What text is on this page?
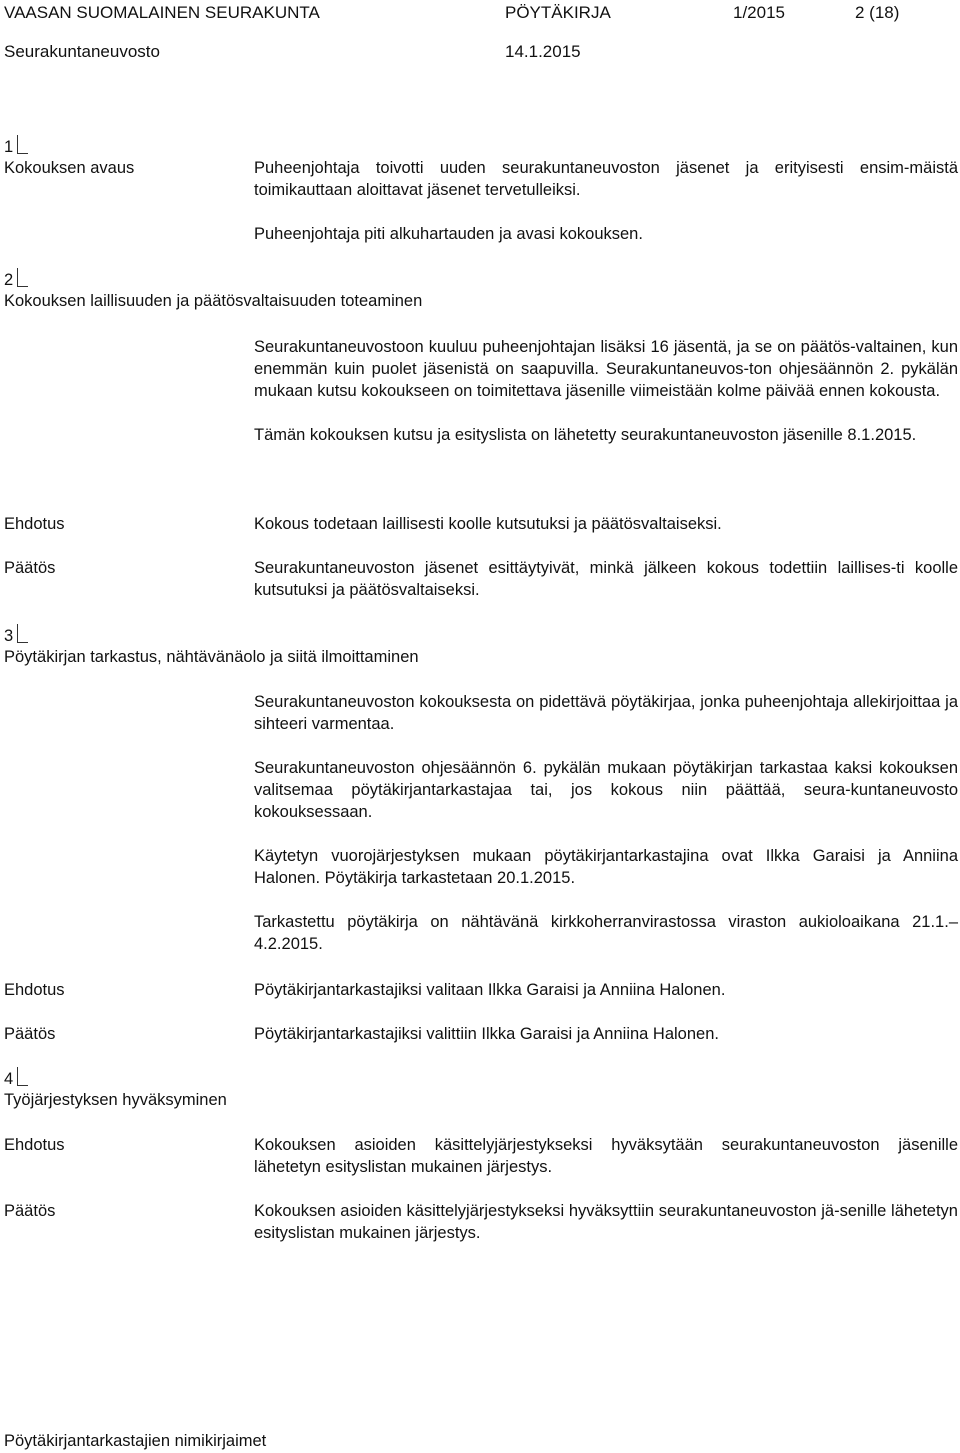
VAASAN SUOMALAINEN SEURAKUNTA	PÖYTÄKIRJA	1/2015	2 (18)
Seurakuntaneuvosto	14.1.2015
1
Kokouksen avaus	Puheenjohtaja toivotti uuden seurakuntaneuvoston jäsenet ja erityisesti ensim-mäistä toimikauttaan aloittavat jäsenet tervetulleiksi.

Puheenjohtaja piti alkuhartauden ja avasi kokouksen.

2
Kokouksen laillisuuden ja päätösvaltaisuuden toteaminen

Seurakuntaneuvostoon kuuluu puheenjohtajan lisäksi 16 jäsentä, ja se on päätös-valtainen, kun enemmän kuin puolet jäsenistä on saapuvilla. Seurakuntaneuvos-ton ohjesäännön 2. pykälän mukaan kutsu kokoukseen on toimitettava jäsenille viimeistään kolme päivää ennen kokousta.

Tämän kokouksen kutsu ja esityslista on lähetetty seurakuntaneuvoston jäsenille 8.1.2015.

Ehdotus	Kokous todetaan laillisesti koolle kutsutuksi ja päätösvaltaiseksi.
Päätös	Seurakuntaneuvoston jäsenet esittäytyivät, minkä jälkeen kokous todettiin laillises-ti koolle kutsutuksi ja päätösvaltaiseksi.
3
Pöytäkirjan tarkastus, nähtävänäolo ja siitä ilmoittaminen

Seurakuntaneuvoston kokouksesta on pidettävä pöytäkirjaa, jonka puheenjohtaja allekirjoittaa ja sihteeri varmentaa.

Seurakuntaneuvoston ohjesäännön 6. pykälän mukaan pöytäkirjan tarkastaa kaksi kokouksen valitsemaa pöytäkirjantarkastajaa tai, jos kokous niin päättää, seura-kuntaneuvosto kokouksessaan.

Käytetyn vuorojärjestyksen mukaan pöytäkirjantarkastajina ovat Ilkka Garaisi ja Anniina Halonen. Pöytäkirja tarkastetaan 20.1.2015.

Tarkastettu pöytäkirja on nähtävänä kirkkoherranvirastossa viraston aukioloaikana 21.1.–4.2.2015.

Ehdotus	Pöytäkirjantarkastajiksi valitaan Ilkka Garaisi ja Anniina Halonen.
Päätös	Pöytäkirjantarkastajiksi valittiin Ilkka Garaisi ja Anniina Halonen.
4
Työjärjestyksen hyväksyminen
Ehdotus	Kokouksen asioiden käsittelyjärjestykseksi hyväksytään seurakuntaneuvoston jäsenille lähetetyn esityslistan mukainen järjestys.
Päätös	Kokouksen asioiden käsittelyjärjestykseksi hyväksyttiin seurakuntaneuvoston jä-senille lähetetyn esityslistan mukainen järjestys.
Pöytäkirjantarkastajien nimikirjaimet
